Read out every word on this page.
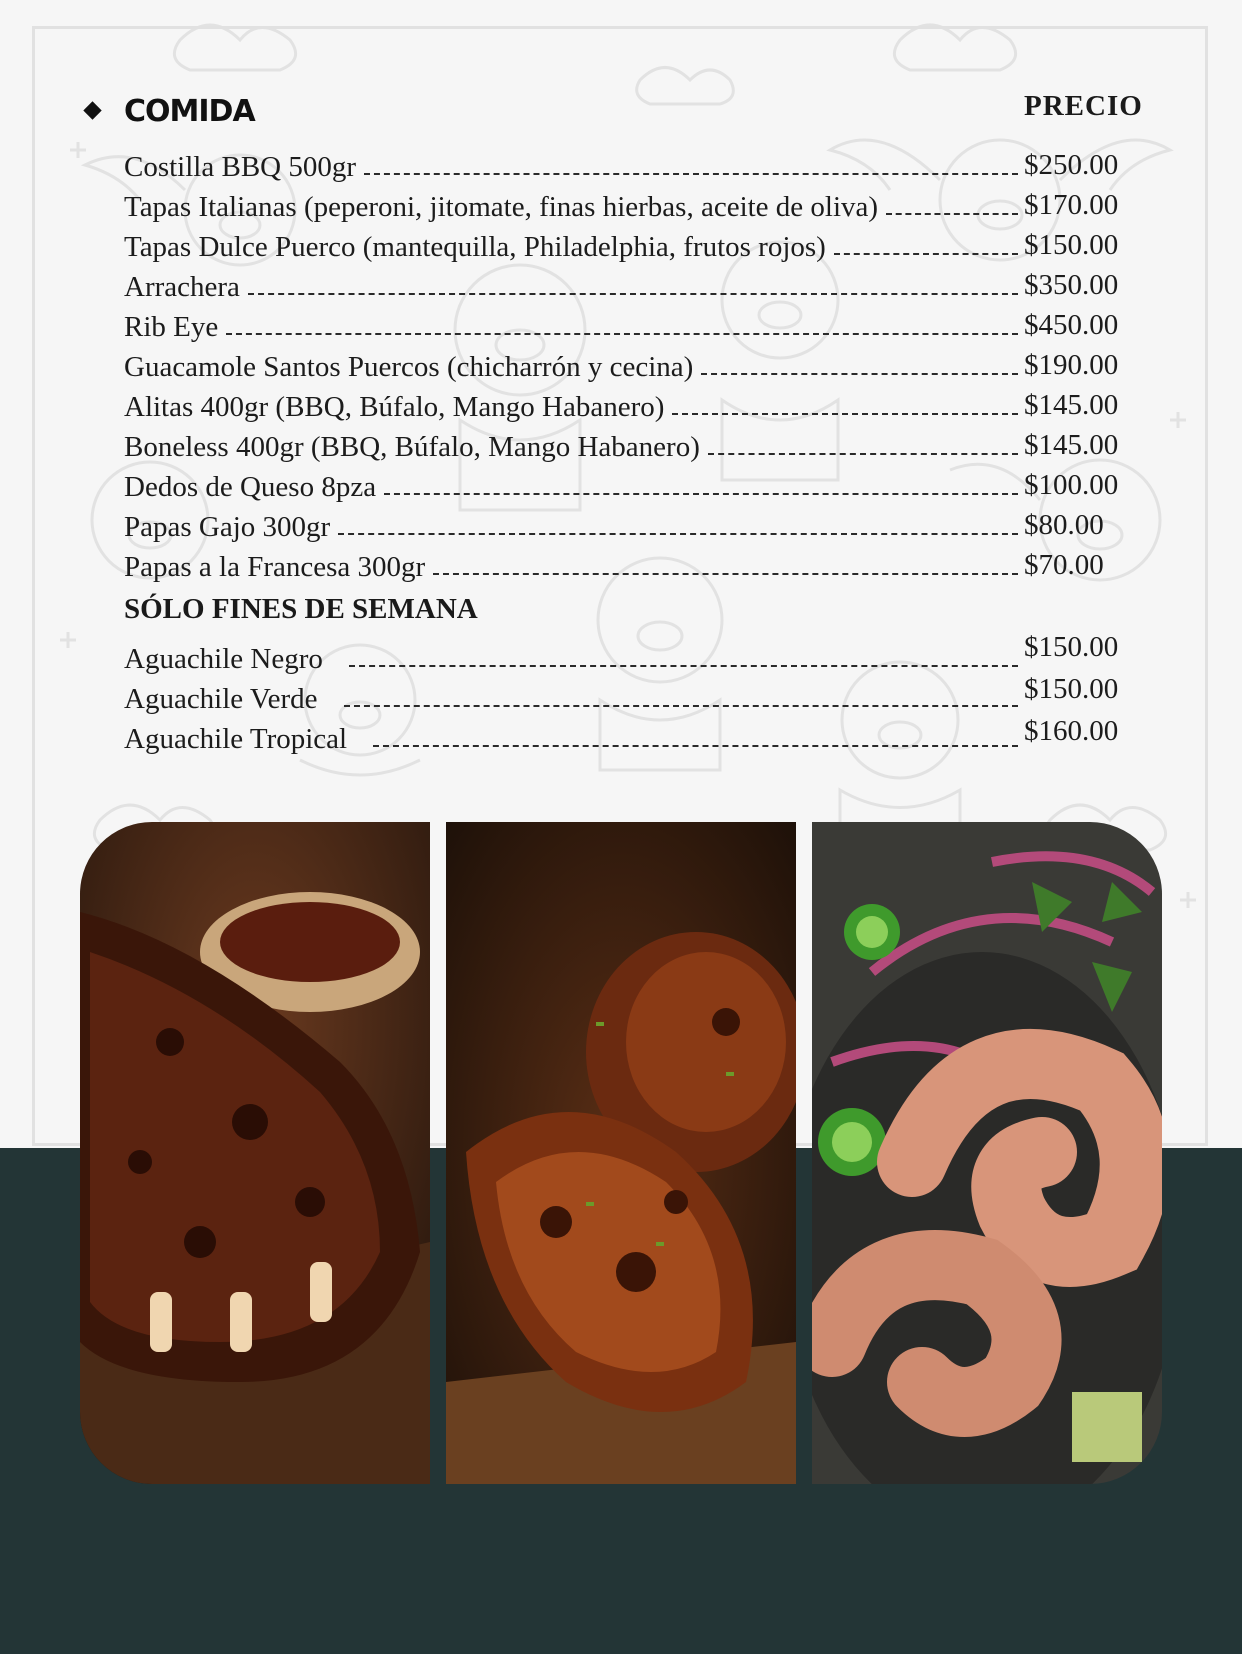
COMIDA	PRECIO
Costilla BBQ 500gr	$250.00
Tapas Italianas (peperoni, jitomate, finas hierbas, aceite de oliva)	$170.00
Tapas Dulce Puerco (mantequilla, Philadelphia, frutos rojos)	$150.00
Arrachera	$350.00
Rib Eye	$450.00
Guacamole Santos Puercos (chicharrón y cecina)	$190.00
Alitas 400gr (BBQ, Búfalo, Mango Habanero)	$145.00
Boneless 400gr (BBQ, Búfalo, Mango Habanero)	$145.00
Dedos de Queso 8pza	$100.00
Papas Gajo 300gr	$80.00
Papas a la Francesa 300gr	$70.00
SÓLO FINES DE SEMANA
Aguachile Negro	$150.00
Aguachile Verde	$150.00
Aguachile Tropical	$160.00
